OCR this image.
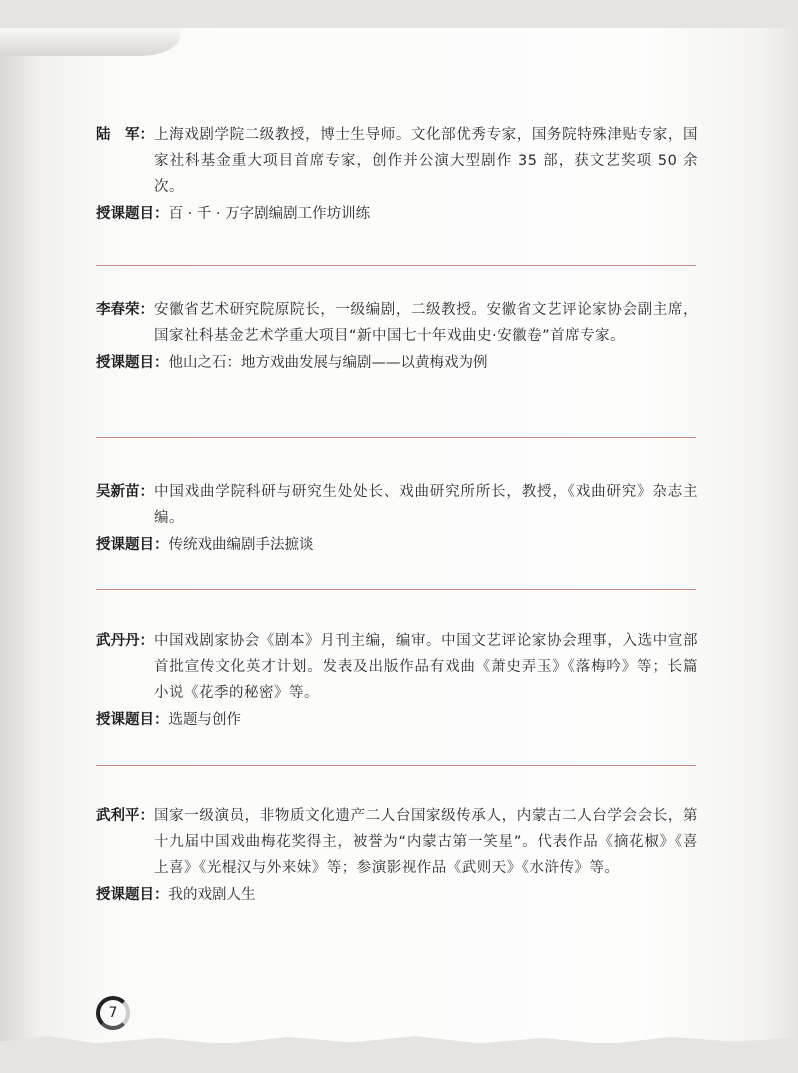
陆　军： 上海戏剧学院二级教授，博士生导师。文化部优秀专家，国务院特殊津贴专家，国家社科基金重大项目首席专家，创作并公演大型剧作 35 部，获文艺奖项 50 余次。
授课题目：百 · 千 · 万字剧编剧工作坊训练
李春荣： 安徽省艺术研究院原院长，一级编剧，二级教授。安徽省文艺评论家协会副主席，国家社科基金艺术学重大项目“新中国七十年戏曲史·安徽卷”首席专家。
授课题目：他山之石：地方戏曲发展与编剧——以黄梅戏为例
吴新苗： 中国戏曲学院科研与研究生处处长、戏曲研究所所长，教授，《戏曲研究》杂志主编。
授课题目：传统戏曲编剧手法摭谈
武丹丹： 中国戏剧家协会《剧本》月刊主编，编审。中国文艺评论家协会理事，入选中宣部首批宣传文化英才计划。发表及出版作品有戏曲《萧史弄玉》《落梅吟》等；长篇小说《花季的秘密》等。
授课题目：选题与创作
武利平： 国家一级演员，非物质文化遗产二人台国家级传承人，内蒙古二人台学会会长，第十九届中国戏曲梅花奖得主，被誉为“内蒙古第一笑星”。代表作品《摘花椒》《喜上喜》《光棍汉与外来妹》等；参演影视作品《武则天》《水浒传》等。
授课题目：我的戏剧人生
7
